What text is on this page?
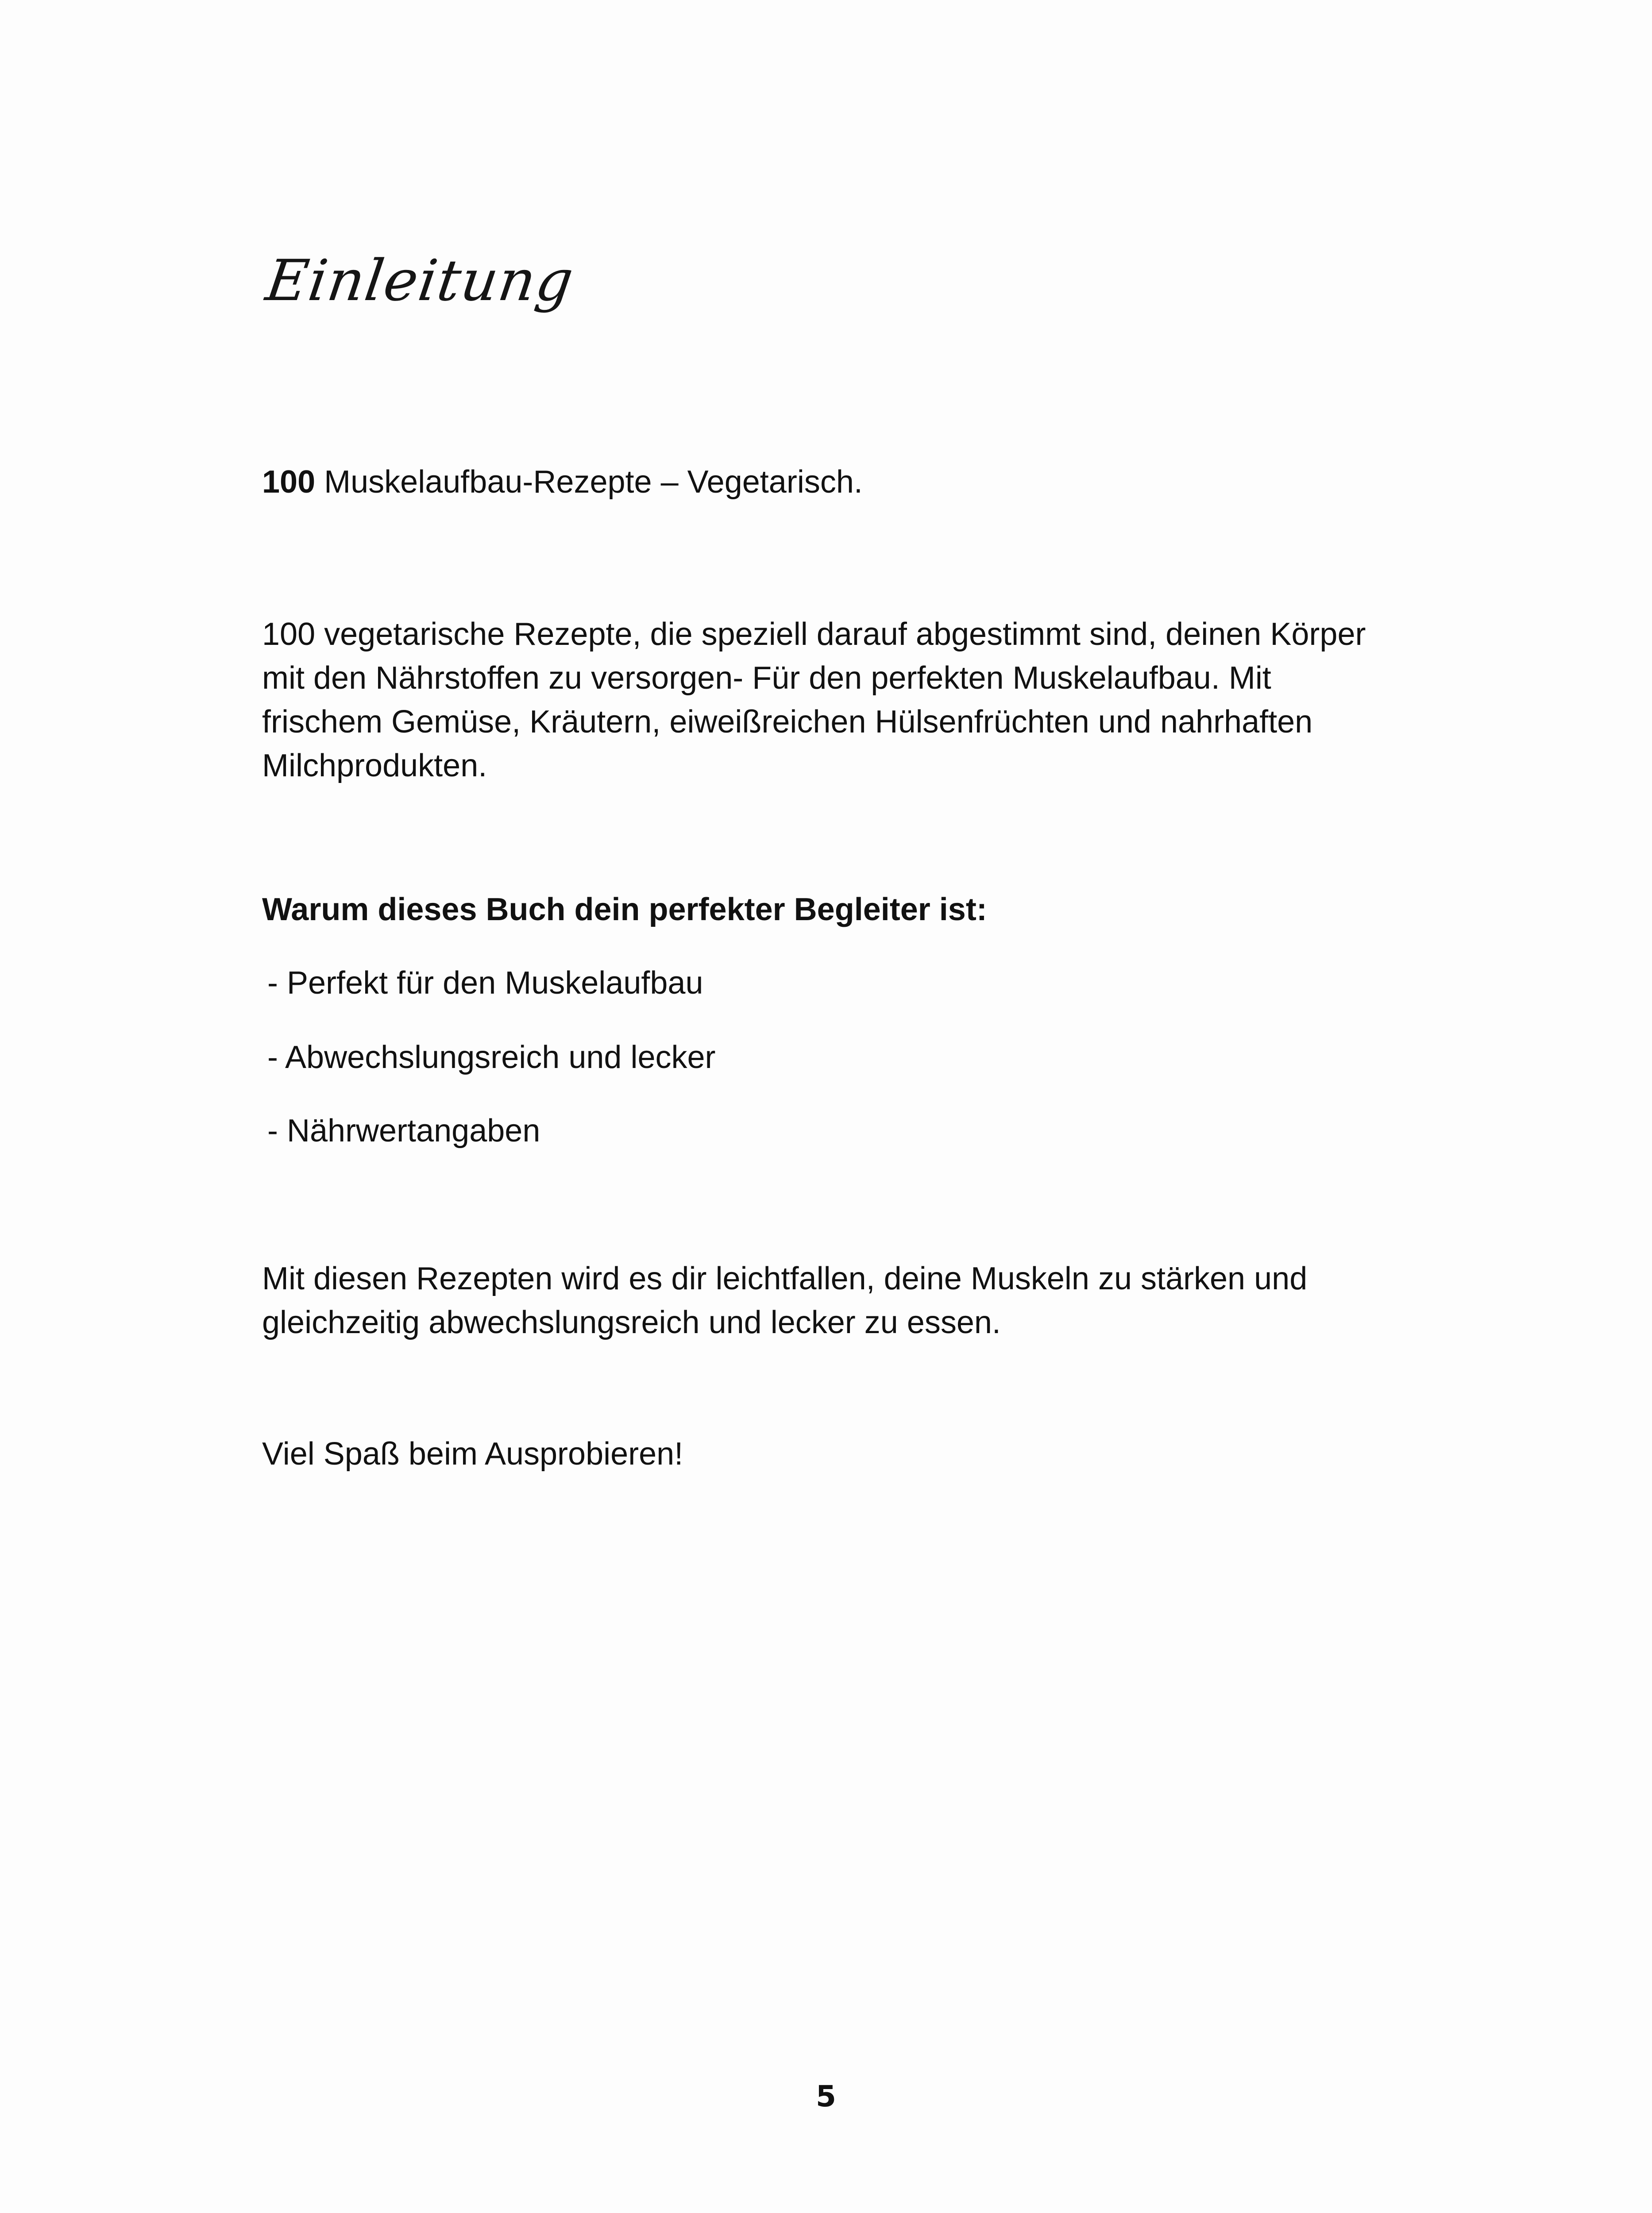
Einleitung
100 Muskelaufbau-Rezepte – Vegetarisch.
100 vegetarische Rezepte, die speziell darauf abgestimmt sind, deinen Körper
mit den Nährstoffen zu versorgen- Für den perfekten Muskelaufbau. Mit
frischem Gemüse, Kräutern, eiweißreichen Hülsenfrüchten und nahrhaften
Milchprodukten.
Warum dieses Buch dein perfekter Begleiter ist:
- Perfekt für den Muskelaufbau
- Abwechslungsreich und lecker
- Nährwertangaben
Mit diesen Rezepten wird es dir leichtfallen, deine Muskeln zu stärken und
gleichzeitig abwechslungsreich und lecker zu essen.
Viel Spaß beim Ausprobieren!
5
